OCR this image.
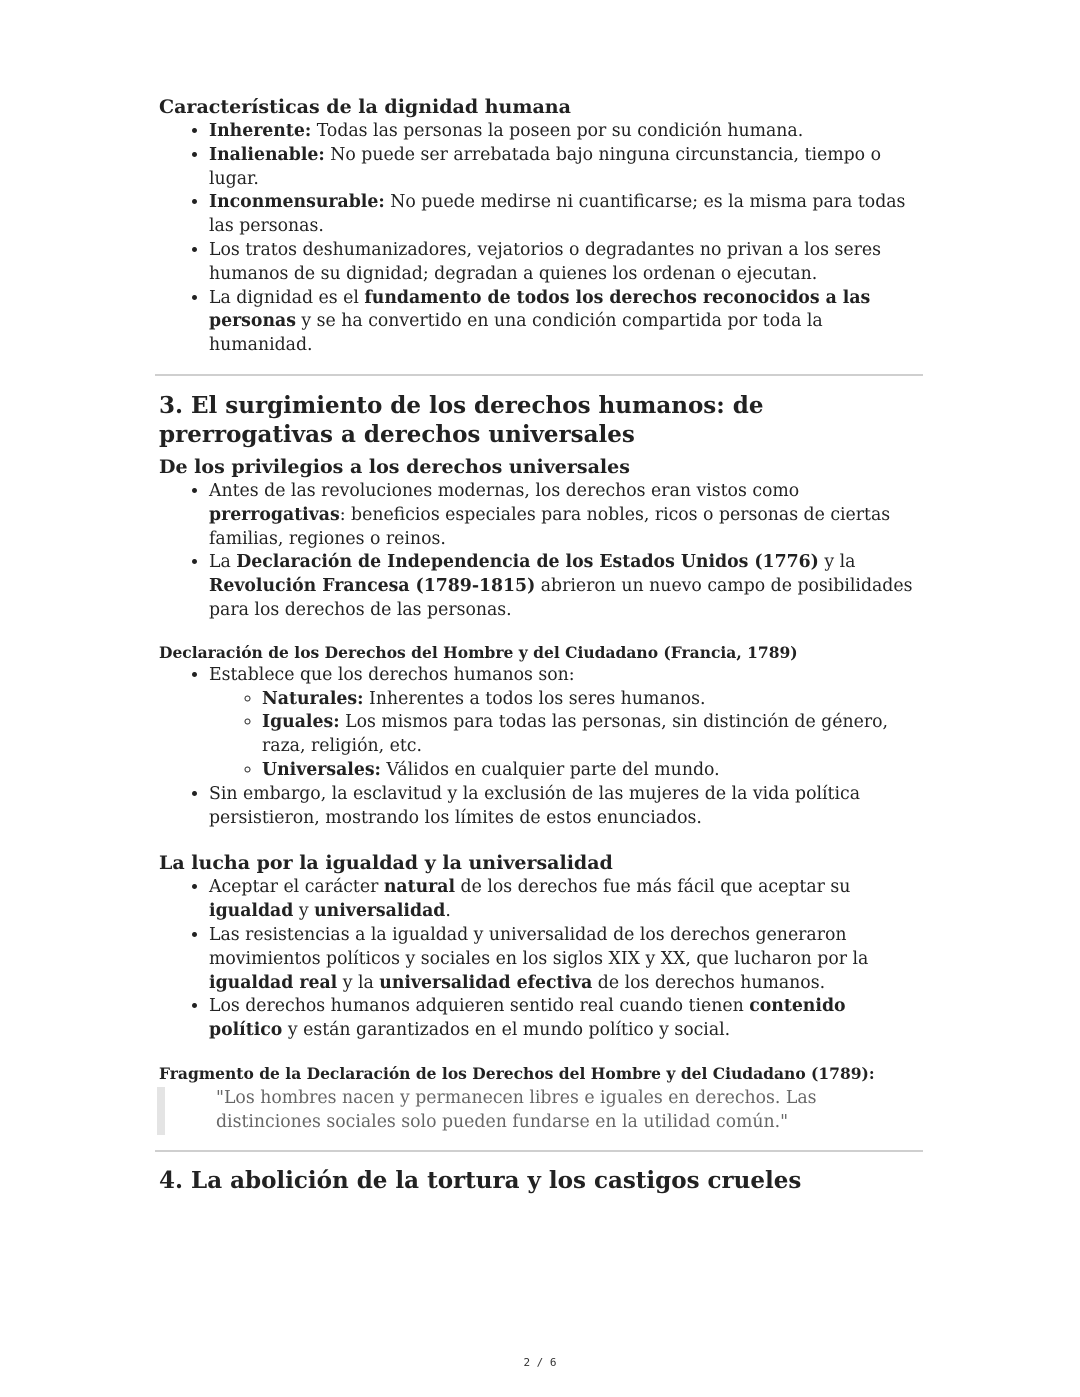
Características de la dignidad humana
• Inherente: Todas las personas la poseen por su condición humana.
• Inalienable: No puede ser arrebatada bajo ninguna circunstancia, tiempo o lugar.
• Inconmensurable: No puede medirse ni cuantificarse; es la misma para todas las personas.
• Los tratos deshumanizadores, vejatorios o degradantes no privan a los seres humanos de su dignidad; degradan a quienes los ordenan o ejecutan.
• La dignidad es el fundamento de todos los derechos reconocidos a las personas y se ha convertido en una condición compartida por toda la humanidad.
3. El surgimiento de los derechos humanos: de prerrogativas a derechos universales
De los privilegios a los derechos universales
• Antes de las revoluciones modernas, los derechos eran vistos como prerrogativas: beneficios especiales para nobles, ricos o personas de ciertas familias, regiones o reinos.
• La Declaración de Independencia de los Estados Unidos (1776) y la Revolución Francesa (1789-1815) abrieron un nuevo campo de posibilidades para los derechos de las personas.
Declaración de los Derechos del Hombre y del Ciudadano (Francia, 1789)
• Establece que los derechos humanos son:
◦ Naturales: Inherentes a todos los seres humanos.
◦ Iguales: Los mismos para todas las personas, sin distinción de género, raza, religión, etc.
◦ Universales: Válidos en cualquier parte del mundo.
• Sin embargo, la esclavitud y la exclusión de las mujeres de la vida política persistieron, mostrando los límites de estos enunciados.
La lucha por la igualdad y la universalidad
• Aceptar el carácter natural de los derechos fue más fácil que aceptar su igualdad y universalidad.
• Las resistencias a la igualdad y universalidad de los derechos generaron movimientos políticos y sociales en los siglos XIX y XX, que lucharon por la igualdad real y la universalidad efectiva de los derechos humanos.
• Los derechos humanos adquieren sentido real cuando tienen contenido político y están garantizados en el mundo político y social.
Fragmento de la Declaración de los Derechos del Hombre y del Ciudadano (1789):
"Los hombres nacen y permanecen libres e iguales en derechos. Las distinciones sociales solo pueden fundarse en la utilidad común."
4. La abolición de la tortura y los castigos crueles
2 / 6
